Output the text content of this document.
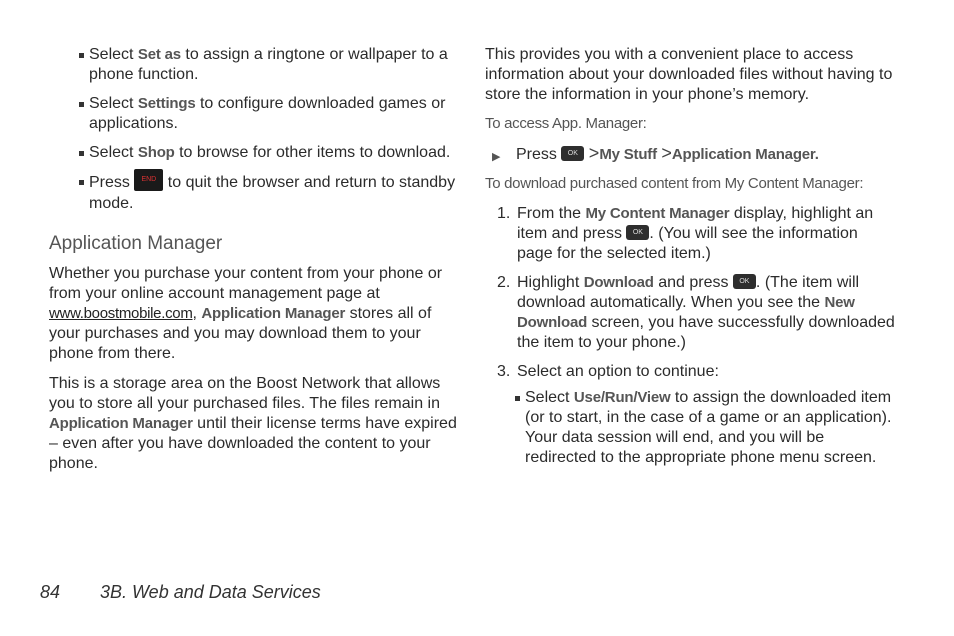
Select Set as to assign a ringtone or wallpaper to a phone function.

Select Settings to configure downloaded games or applications.

Select Shop to browse for other items to download.

Press END to quit the browser and return to standby mode.

Application Manager

Whether you purchase your content from your phone or from your online account management page at www.boostmobile.com, Application Manager stores all of your purchases and you may download them to your phone from there.

This is a storage area on the Boost Network that allows you to store all your purchased files. The files remain in Application Manager until their license terms have expired – even after you have downloaded the content to your phone.

This provides you with a convenient place to access information about your downloaded files without having to store the information in your phone’s memory.

To access App. Manager:

▶ Press OK >My Stuff >Application Manager.

To download purchased content from My Content Manager:

1. From the My Content Manager display, highlight an item and press OK . (You will see the information page for the selected item.)

2. Highlight Download and press OK . (The item will download automatically. When you see the New Download screen, you have successfully downloaded the item to your phone.)

3. Select an option to continue:

Select Use/Run/View to assign the downloaded item (or to start, in the case of a game or an application). Your data session will end, and you will be redirected to the appropriate phone menu screen.

84 3B. Web and Data Services
